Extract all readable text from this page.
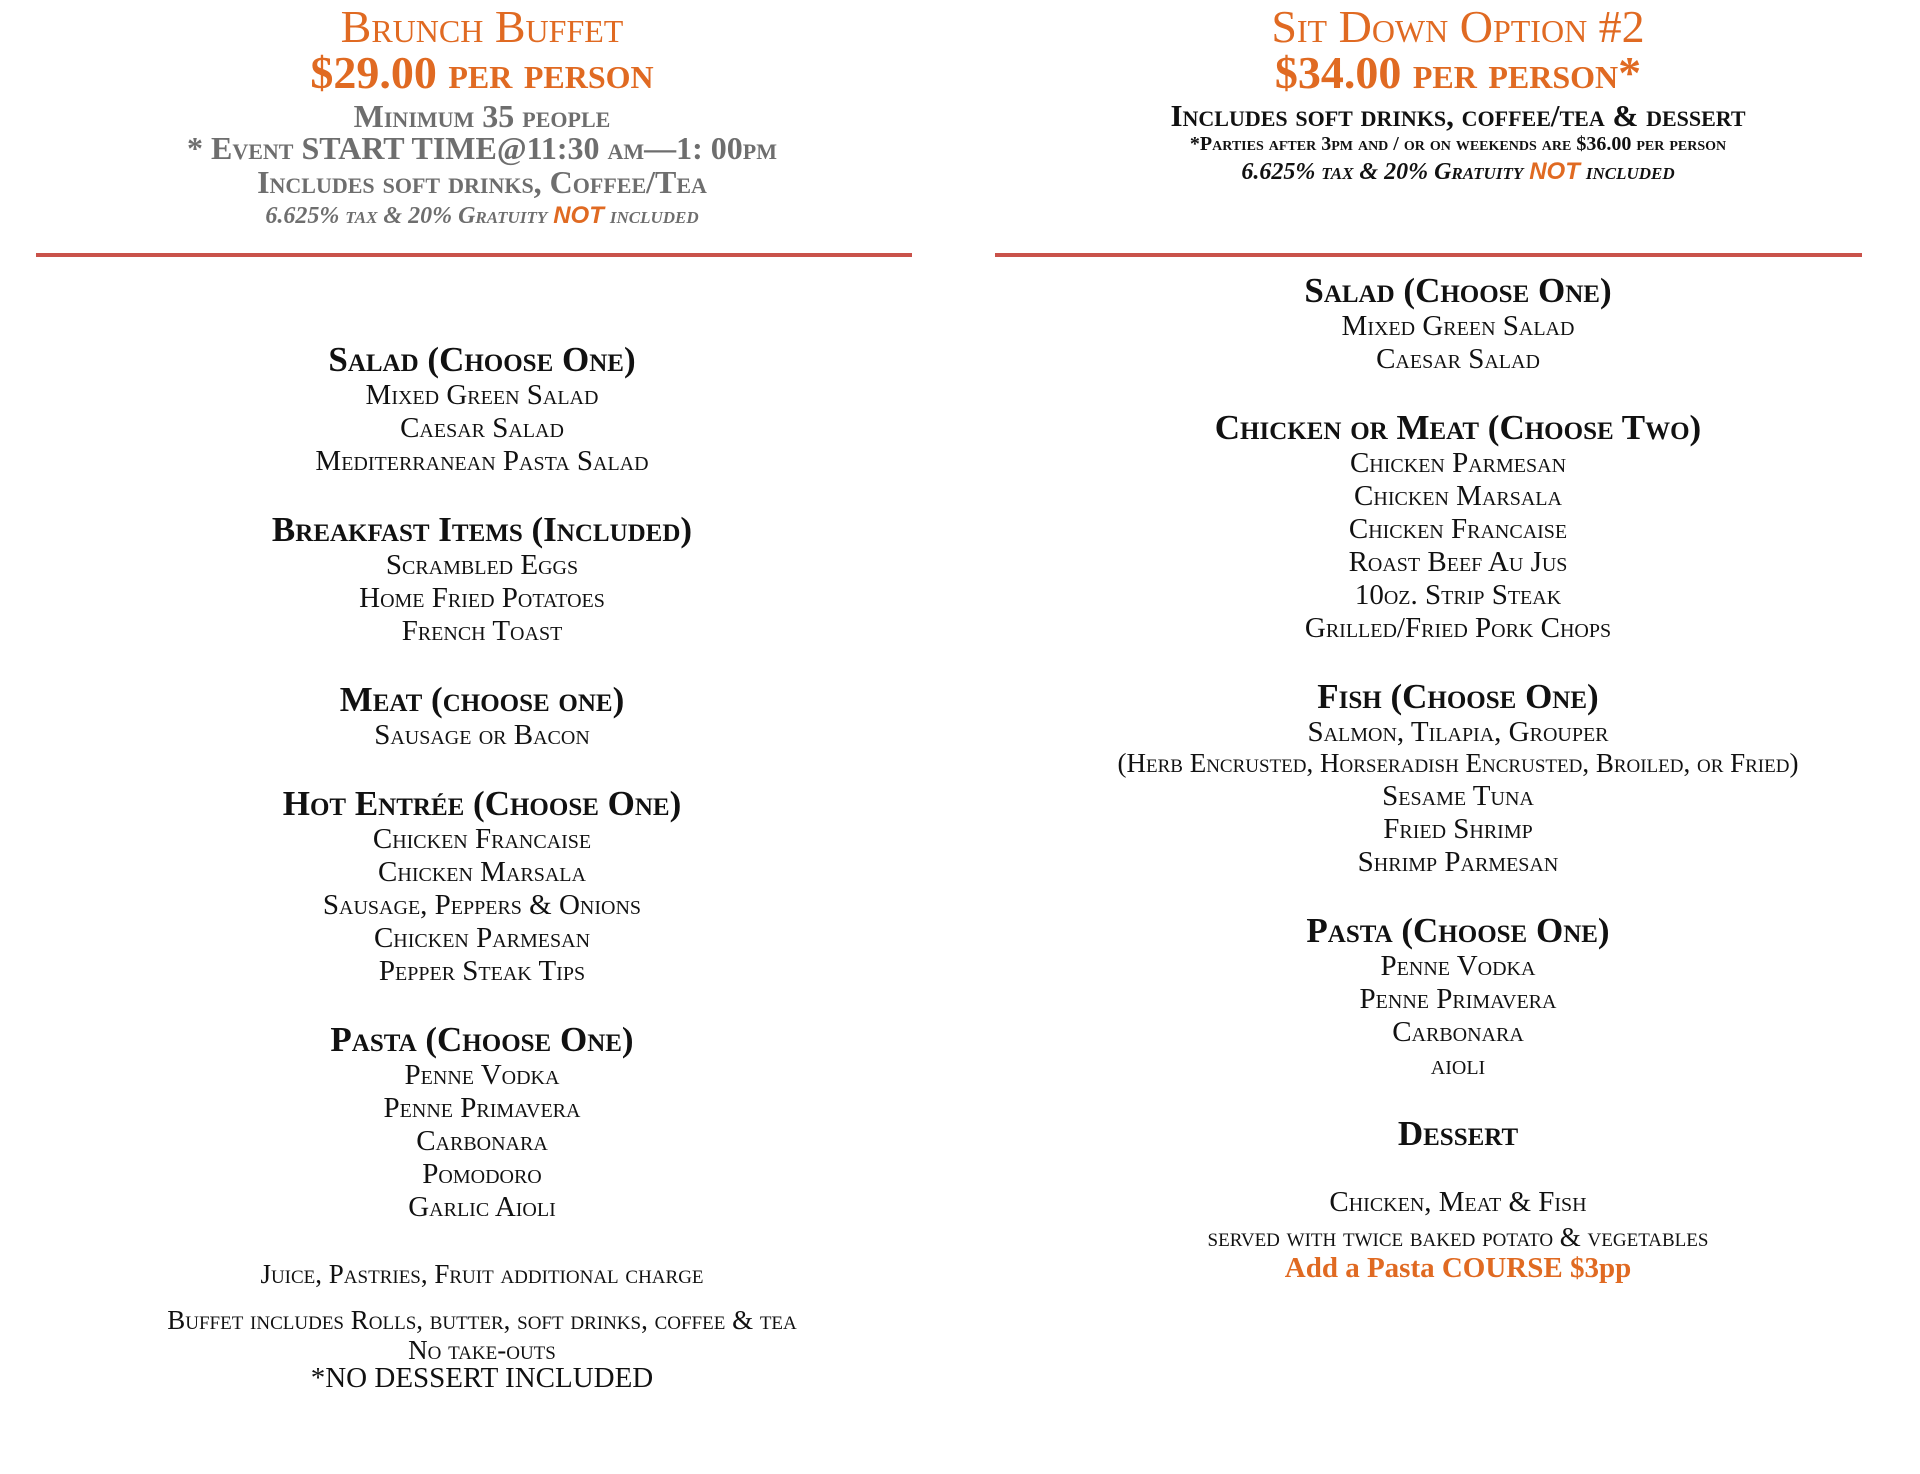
Brunch Buffet
$29.00 per person
Minimum 35 people
* Event START TIME@11:30 am—1: 00pm
Includes soft drinks, Coffee/Tea
6.625% tax & 20% Gratuity NOT included
Salad (Choose One)
Mixed Green Salad
Caesar Salad
Mediterranean Pasta Salad
Breakfast Items (Included)
Scrambled Eggs
Home Fried Potatoes
French Toast
Meat (choose one)
Sausage or Bacon
Hot Entrée (Choose One)
Chicken Francaise
Chicken Marsala
Sausage, Peppers & Onions
Chicken Parmesan
Pepper Steak Tips
Pasta (Choose One)
Penne Vodka
Penne Primavera
Carbonara
Pomodoro
Garlic Aioli
Juice, Pastries, Fruit additional charge
Buffet includes Rolls, butter, soft drinks, coffee & tea
No take-outs
*NO DESSERT INCLUDED
Sit Down Option #2
$34.00 per person*
Includes soft drinks, coffee/tea & dessert
*Parties after 3pm and / or on weekends are $36.00 per person
6.625% tax & 20% Gratuity NOT included
Salad (Choose One)
Mixed Green Salad
Caesar Salad
Chicken or Meat (Choose Two)
Chicken Parmesan
Chicken Marsala
Chicken Francaise
Roast Beef Au Jus
10oz. Strip Steak
Grilled/Fried Pork Chops
Fish (Choose One)
Salmon, Tilapia, Grouper
(Herb Encrusted, Horseradish Encrusted, Broiled, or Fried)
Sesame Tuna
Fried Shrimp
Shrimp Parmesan
Pasta (Choose One)
Penne Vodka
Penne Primavera
Carbonara
aioli
Dessert
Chicken, Meat & Fish
served with twice baked potato & vegetables
Add a Pasta COURSE $3pp
